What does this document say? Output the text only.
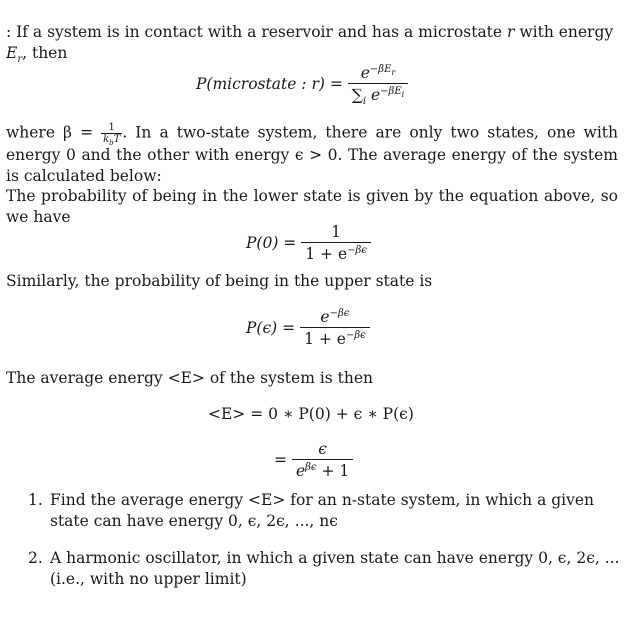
: If a system is in contact with a reservoir and has a microstate r with energy
$E_r$, then

P(microstate : $r) = \frac{e^{-\beta E_r}}{\sum_i e^{-\beta E_i}}$

where $\beta = \frac{1}{k_bT}$ . In a two-state system, there are only two states, one with energy 0 and the other with energy ϵ > 0. The average energy of the system is calculated below:

The probability of being in the lower state is given by the equation above, so we have

$P(0) = \frac{1}{1 + e^{-\beta\epsilon}}$

Similarly, the probability of being in the upper state is

$P(\epsilon) = \frac{e^{-\beta\epsilon}}{1 + e^{-\beta\epsilon}}$

The average energy <E> of the system is then

<E> = 0 ∗ P(0) + ϵ ∗ P(ϵ)
= $\frac{\epsilon}{e^{\beta\epsilon} + 1}$
1. Find the average energy <E> for an n-state system, in which a given state can have energy 0, ϵ, 2ϵ, ..., nϵ
2. A harmonic oscillator, in which a given state can have energy 0, ϵ, 2ϵ, ... (i.e., with no upper limit)
